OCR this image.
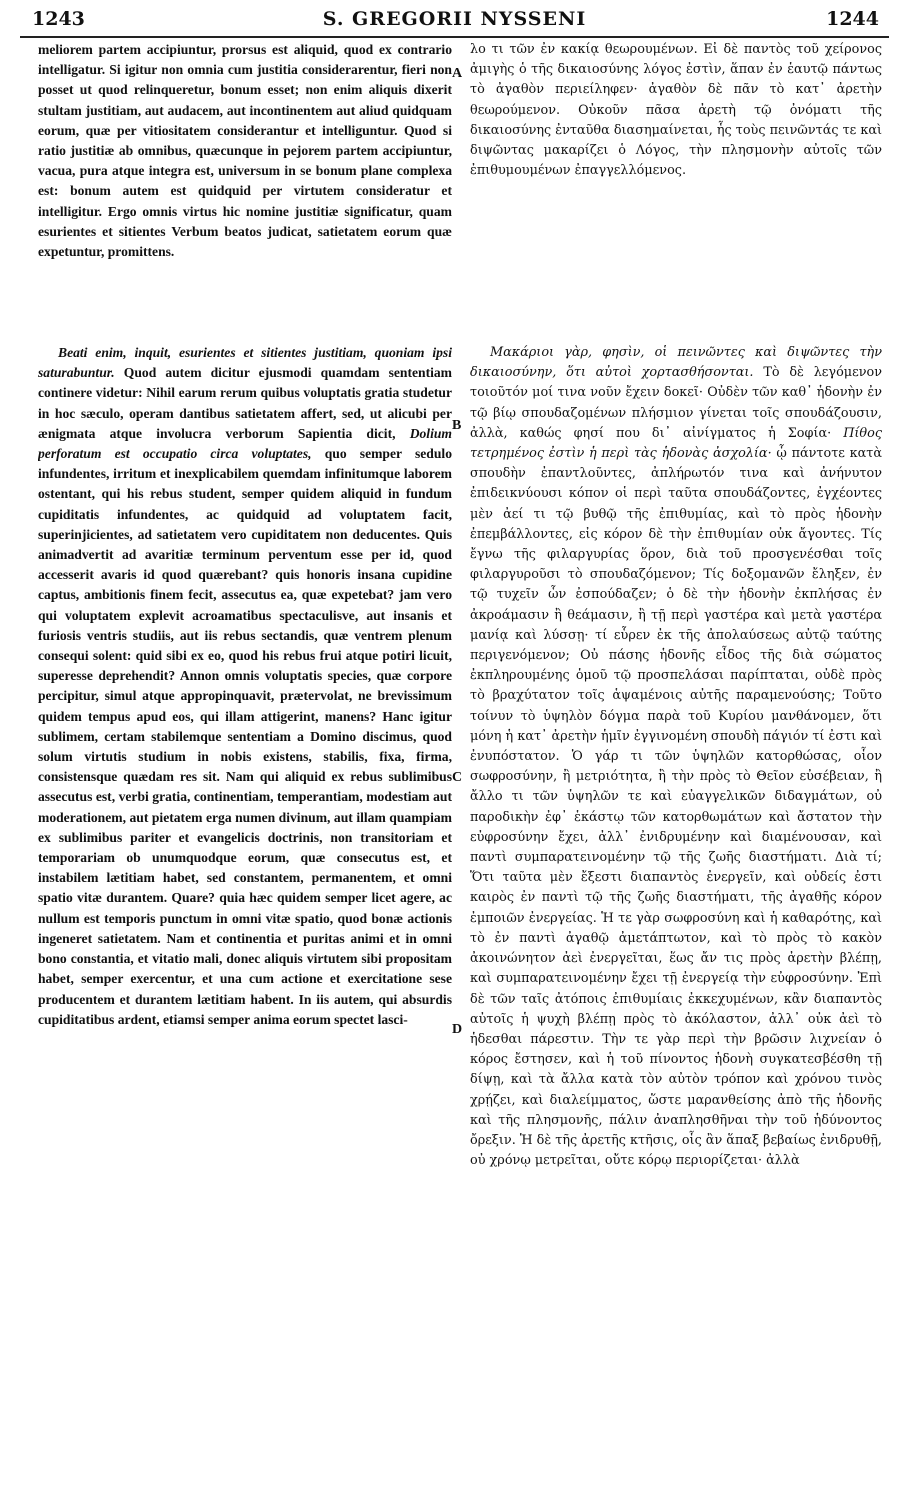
1243	S. GREGORII NYSSENI	1244

meliorem partem accipiuntur, prorsus est aliquid, quod ex contrario intelligatur. Si igitur non omnia cum justitia considerarentur, fieri non posset ut quod relinqueretur, bonum esset; non enim aliquis dixerit stultam justitiam, aut audacem, aut incontinentem aut aliud quidquam eorum, quæ per vitiositatem considerantur et intelliguntur. Quod si ratio justitiæ ab omnibus, quæcunque in pejorem partem accipiuntur, vacua, pura atque integra est, universum in se bonum plane complexa est: bonum autem est quidquid per virtutem consideratur et intelligitur. Ergo omnis virtus hic nomine justitiæ significatur, quam esurientes et sitientes Verbum beatos judicat, satietatem eorum quæ expetuntur, promittens.

λο τι τῶν ἐν κακίᾳ θεωρουμένων. Εἰ δὲ παντὸς τοῦ χείρονος ἀμιγὴς ὁ τῆς δικαιοσύνης λόγος ἐστὶν, ἅπαν ἐν ἑαυτῷ πάντως τὸ ἀγαθὸν περιείληφεν· ἀγαθὸν δὲ πᾶν τὸ κατ᾽ ἀρετὴν θεωρούμενον. Οὐκοῦν πᾶσα ἀρετὴ τῷ ὀνόματι τῆς δικαιοσύνης ἐνταῦθα διασημαίνεται, ἧς τοὺς πεινῶντάς τε καὶ διψῶντας μακαρίζει ὁ Λόγος, τὴν πλησμονὴν αὐτοῖς τῶν ἐπιθυμουμένων ἐπαγγελλόμενος.

Beati enim, inquit, esurientes et sitientes justitiam, quoniam ipsi saturabuntur. Quod autem dicitur ejusmodi quamdam sententiam continere videtur: Nihil earum rerum quibus voluptatis gratia studetur in hoc sæculo, operam dantibus satietatem affert, sed, ut alicubi per ænigmata atque involucra verborum Sapientia dicit, Dolium perforatum est occupatio circa voluptates, quo semper sedulo infundentes, irritum et inexplicabilem quemdam infinitumque laborem ostentant, qui his rebus student, semper quidem aliquid in fundum cupiditatis infundentes, ac quidquid ad voluptatem facit, superinjicientes, ad satietatem vero cupiditatem non deducentes. Quis animadvertit ad avaritiæ terminum perventum esse per id, quod accesserit avaris id quod quærebant? quis honoris insana cupidine captus, ambitionis finem fecit, assecutus ea, quæ expetebat? jam vero qui voluptatem explevit acroamatibus spectaculisve, aut insanis et furiosis ventris studiis, aut iis rebus sectandis, quæ ventrem plenum consequi solent: quid sibi ex eo, quod his rebus frui atque potiri licuit, superesse deprehendit? Annon omnis voluptatis species, quæ corpore percipitur, simul atque appropinquavit, prætervolat, ne brevissimum quidem tempus apud eos, qui illam attigerint, manens? Hanc igitur sublimem, certam stabilemque sententiam a Domino discimus, quod solum virtutis studium in nobis existens, stabilis, fixa, firma, consistensque quædam res sit. Nam qui aliquid ex rebus sublimibus assecutus est, verbi gratia, continentiam, temperantiam, modestiam aut moderationem, aut pietatem erga numen divinum, aut illam quampiam ex sublimibus pariter et evangelicis doctrinis, non transitoriam et temporariam ob unumquodque eorum, quæ consecutus est, et instabilem lætitiam habet, sed constantem, permanentem, et omni spatio vitæ durantem. Quare? quia hæc quidem semper licet agere, ac nullum est temporis punctum in omni vitæ spatio, quod bonæ actionis ingeneret satietatem. Nam et continentia et puritas animi et in omni bono constantia, et vitatio mali, donec aliquis virtutem sibi propositam habet, semper exercentur, et una cum actione et exercitatione sese producentem et durantem lætitiam habent. In iis autem, qui absurdis cupiditatibus ardent, etiamsi semper anima eorum spectet lasci-

Μακάριοι γὰρ, φησὶν, οἱ πεινῶντες καὶ διψῶντες τὴν δικαιοσύνην, ὅτι αὐτοὶ χορτασθήσονται. Τὸ δὲ λεγόμενον τοιοῦτόν μοί τινα νοῦν ἔχειν δοκεῖ· Οὐδὲν τῶν καθ᾽ ἡδονὴν ἐν τῷ βίῳ σπουδαζομένων πλήσμιον γίνεται τοῖς σπουδάζουσιν, ἀλλὰ, καθώς φησί που δι᾽ αἰνίγματος ἡ Σοφία· Πίθος τετρημένος ἐστὶν ἡ περὶ τὰς ἡδονὰς ἀσχολία· ᾧ πάντοτε κατὰ σπουδὴν ἐπαντλοῦντες, ἀπλήρωτόν τινα καὶ ἀνήνυτον ἐπιδεικνύουσι κόπον οἱ περὶ ταῦτα σπουδάζοντες, ἐγχέοντες μὲν ἀεί τι τῷ βυθῷ τῆς ἐπιθυμίας, καὶ τὸ πρὸς ἡδονὴν ἐπεμβάλλοντες, εἰς κόρον δὲ τὴν ἐπιθυμίαν οὐκ ἄγοντες. Τίς ἔγνω τῆς φιλαργυρίας ὅρον, διὰ τοῦ προσγενέσθαι τοῖς φιλαργυροῦσι τὸ σπουδαζόμενον; Τίς δοξομανῶν ἔληξεν, ἐν τῷ τυχεῖν ὧν ἐσπούδαζεν; ὁ δὲ τὴν ἡδονὴν ἐκπλήσας ἐν ἀκροάμασιν ἢ θεάμασιν, ἢ τῇ περὶ γαστέρα καὶ μετὰ γαστέρα μανίᾳ καὶ λύσσῃ· τί εὗρεν ἐκ τῆς ἀπολαύσεως αὐτῷ ταύτης περιγενόμενον; Οὐ πάσης ἡδονῆς εἶδος τῆς διὰ σώματος ἐκπληρουμένης ὁμοῦ τῷ προσπελάσαι παρίπταται, οὐδὲ πρὸς τὸ βραχύτατον τοῖς ἁψαμένοις αὐτῆς παραμενούσης; Τοῦτο τοίνυν τὸ ὑψηλὸν δόγμα παρὰ τοῦ Κυρίου μανθάνομεν, ὅτι μόνη ἡ κατ᾽ ἀρετὴν ἡμῖν ἐγγινομένη σπουδὴ πάγιόν τί ἐστι καὶ ἐνυπόστατον. Ὁ γάρ τι τῶν ὑψηλῶν κατορθώσας, οἷον σωφροσύνην, ἢ μετριότητα, ἢ τὴν πρὸς τὸ Θεῖον εὐσέβειαν, ἢ ἄλλο τι τῶν ὑψηλῶν τε καὶ εὐαγγελικῶν διδαγμάτων, οὐ παροδικὴν ἐφ᾽ ἑκάστῳ τῶν κατορθωμάτων καὶ ἄστατον τὴν εὐφροσύνην ἔχει, ἀλλ᾽ ἐνιδρυμένην καὶ διαμένουσαν, καὶ παντὶ συμπαρατεινομένην τῷ τῆς ζωῆς διαστήματι. Διὰ τί; Ὅτι ταῦτα μὲν ἔξεστι διαπαντὸς ἐνεργεῖν, καὶ οὐδείς ἐστι καιρὸς ἐν παντὶ τῷ τῆς ζωῆς διαστήματι, τῆς ἀγαθῆς κόρον ἐμποιῶν ἐνεργείας. Ἡ τε γὰρ σωφροσύνη καὶ ἡ καθαρότης, καὶ τὸ ἐν παντὶ ἀγαθῷ ἀμετάπτωτον, καὶ τὸ πρὸς τὸ κακὸν ἀκοινώνητον ἀεὶ ἐνεργεῖται, ἕως ἄν τις πρὸς ἀρετὴν βλέπῃ, καὶ συμπαρατεινομένην ἔχει τῇ ἐνεργείᾳ τὴν εὐφροσύνην. Ἐπὶ δὲ τῶν ταῖς ἀτόποις ἐπιθυμίαις ἐκκεχυμένων, κἂν διαπαντὸς αὐτοῖς ἡ ψυχὴ βλέπῃ πρὸς τὸ ἀκόλαστον, ἀλλ᾽ οὐκ ἀεὶ τὸ ἡδεσθαι πάρεστιν. Τὴν τε γὰρ περὶ τὴν βρῶσιν λιχνείαν ὁ κόρος ἔστησεν, καὶ ἡ τοῦ πίνοντος ἡδονὴ συγκατεσβέσθη τῇ δίψῃ, καὶ τὰ ἄλλα κατὰ τὸν αὐτὸν τρόπον καὶ χρόνου τινὸς χρῄζει, καὶ διαλείμματος, ὥστε μαρανθείσης ἀπὸ τῆς ἡδονῆς καὶ τῆς πλησμονῆς, πάλιν ἀναπλησθῆναι τὴν τοῦ ἡδύνοντος ὄρεξιν. Ἡ δὲ τῆς ἀρετῆς κτῆσις, οἷς ἂν ἅπαξ βεβαίως ἐνιδρυθῇ, οὐ χρόνῳ μετρεῖται, οὔτε κόρῳ περιορίζεται· ἀλλὰ

A
B
C
D
